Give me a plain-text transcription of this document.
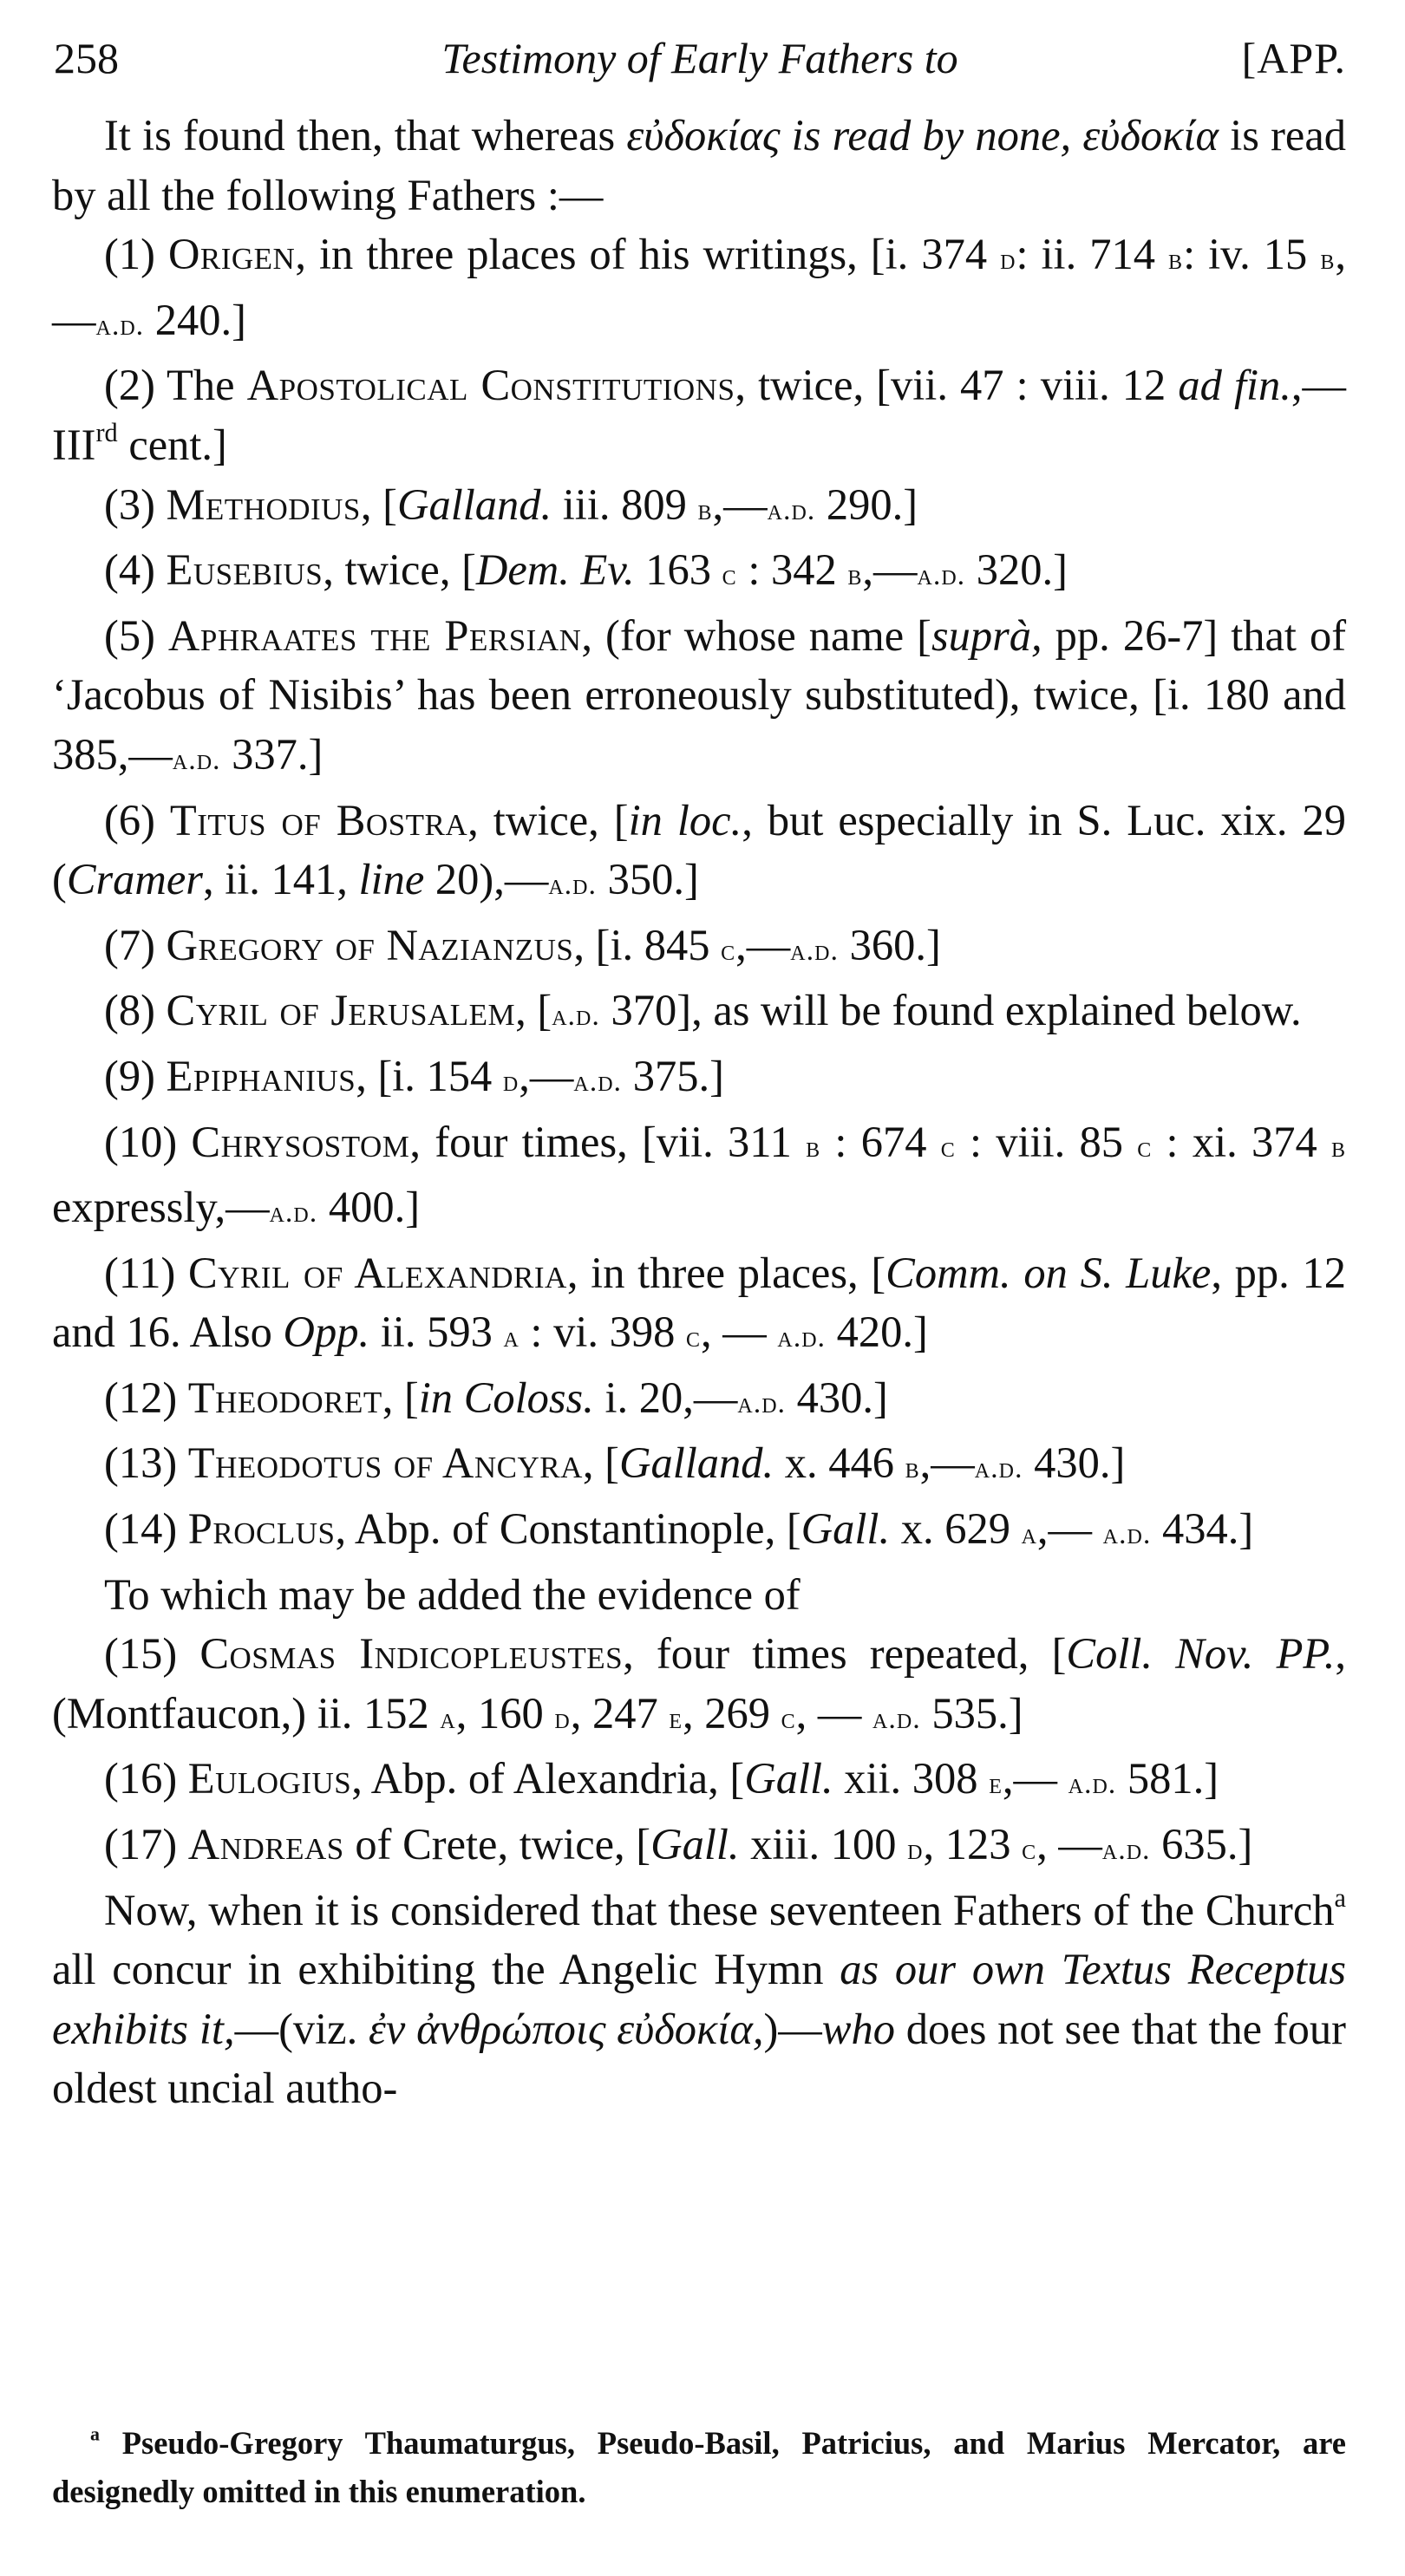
258	Testimony of Early Fathers to	[APP.

It is found then, that whereas εὐδοκίας is read by none, εὐδοκία is read by all the following Fathers :—

(1) Origen, in three places of his writings, [i. 374 d: ii. 714 b: iv. 15 b,—a.d. 240.]

(2) The Apostolical Constitutions, twice, [vii. 47 : viii. 12 ad fin.,—IIIrd cent.]

(3) Methodius, [Galland. iii. 809 b,—a.d. 290.]

(4) Eusebius, twice, [Dem. Ev. 163 c : 342 b,—a.d. 320.]

(5) Aphraates the Persian, (for whose name [suprà, pp. 26-7] that of ‘Jacobus of Nisibis’ has been erroneously substituted), twice, [i. 180 and 385,—a.d. 337.]

(6) Titus of Bostra, twice, [in loc., but especially in S. Luc. xix. 29 (Cramer, ii. 141, line 20),—a.d. 350.]

(7) Gregory of Nazianzus, [i. 845 c,—a.d. 360.]

(8) Cyril of Jerusalem, [a.d. 370], as will be found explained below.

(9) Epiphanius, [i. 154 d,—a.d. 375.]

(10) Chrysostom, four times, [vii. 311 b : 674 c : viii. 85 c : xi. 374 b expressly,—a.d. 400.]

(11) Cyril of Alexandria, in three places, [Comm. on S. Luke, pp. 12 and 16. Also Opp. ii. 593 a : vi. 398 c, — a.d. 420.]

(12) Theodoret, [in Coloss. i. 20,—a.d. 430.]

(13) Theodotus of Ancyra, [Galland. x. 446 b,—a.d. 430.]

(14) Proclus, Abp. of Constantinople, [Gall. x. 629 a,— a.d. 434.]

To which may be added the evidence of

(15) Cosmas Indicopleustes, four times repeated, [Coll. Nov. PP., (Montfaucon,) ii. 152 a, 160 d, 247 e, 269 c, — a.d. 535.]

(16) Eulogius, Abp. of Alexandria, [Gall. xii. 308 e,— a.d. 581.]

(17) Andreas of Crete, twice, [Gall. xiii. 100 d, 123 c, —a.d. 635.]

Now, when it is considered that these seventeen Fathers of the Church$^a$ all concur in exhibiting the Angelic Hymn as our own Textus Receptus exhibits it,—(viz. ἐν ἀνθρώποις εὐδοκία,)—who does not see that the four oldest uncial autho-

$^a$ Pseudo-Gregory Thaumaturgus, Pseudo-Basil, Patricius, and Marius Mercator, are designedly omitted in this enumeration.
